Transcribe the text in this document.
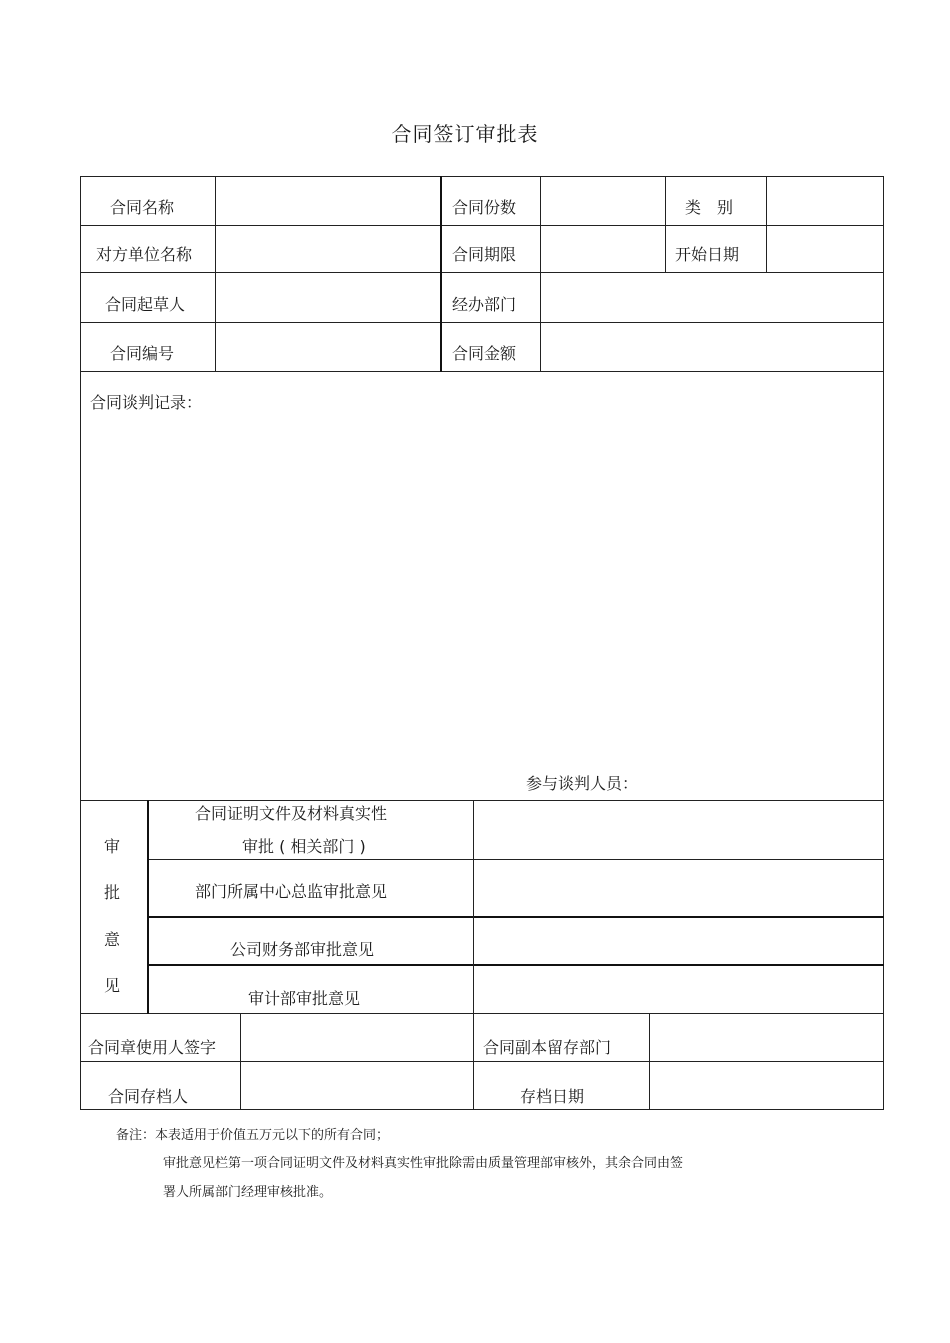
合同签订审批表
合同名称	合同份数	类　别
对方单位名称	合同期限	开始日期
合同起草人	经办部门
合同编号	合同金额
合同谈判记录：
参与谈判人员：
审
批
意
见
合同证明文件及材料真实性
审批 ( 相关部门 )
部门所属中心总监审批意见
公司财务部审批意见
审计部审批意见
合同章使用人签字	合同副本留存部门
合同存档人	存档日期
备注：本表适用于价值五万元以下的所有合同；
审批意见栏第一项合同证明文件及材料真实性审批除需由质量管理部审核外，其余合同由签
署人所属部门经理审核批准。
